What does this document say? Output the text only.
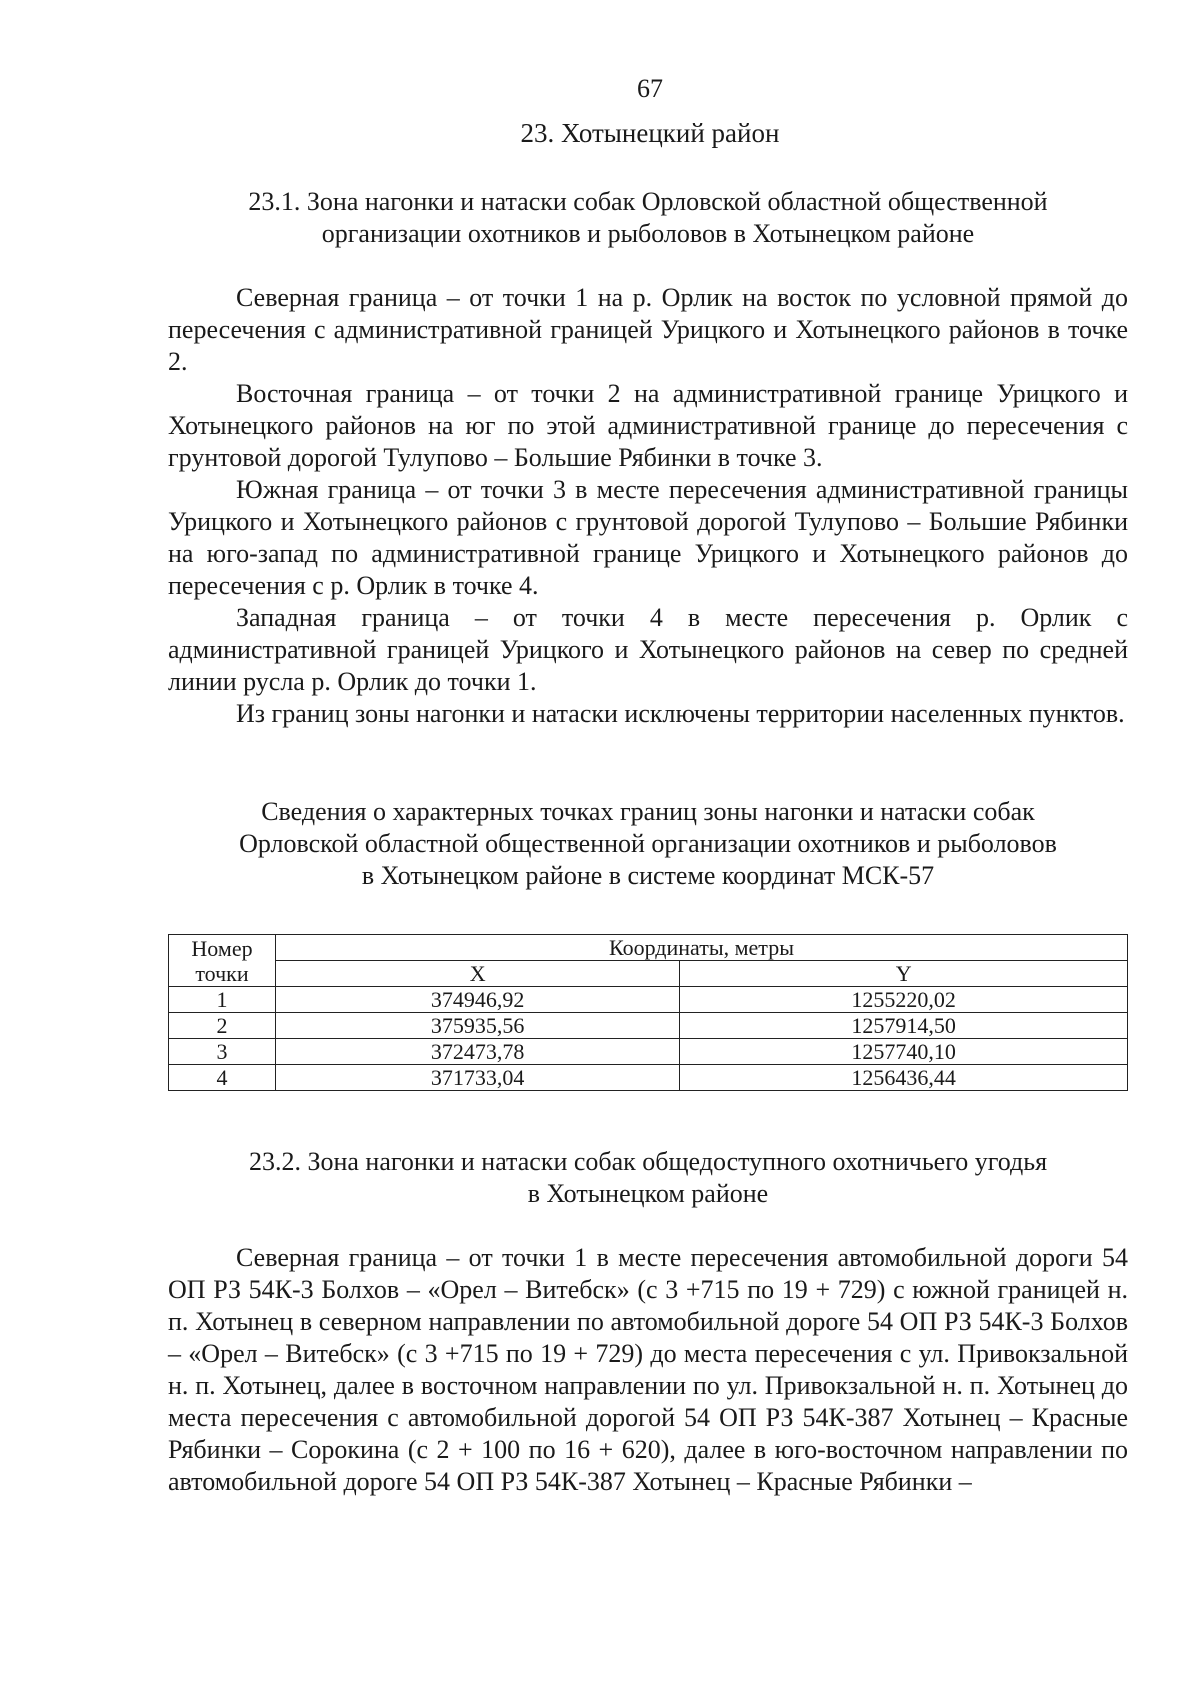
67
23. Хотынецкий район
23.1. Зона нагонки и натаски собак Орловской областной общественной
организации охотников и рыболовов в Хотынецком районе

Северная граница – от точки 1 на р. Орлик на восток по условной прямой до пересечения с административной границей Урицкого и Хотынецкого районов в точке 2.

Восточная граница – от точки 2 на административной границе Урицкого и Хотынецкого районов на юг по этой административной границе до пересечения с грунтовой дорогой Тулупово – Большие Рябинки в точке 3.

Южная граница – от точки 3 в месте пересечения административной границы Урицкого и Хотынецкого районов с грунтовой дорогой Тулупово – Большие Рябинки на юго-запад по административной границе Урицкого и Хотынецкого районов до пересечения с р. Орлик в точке 4.

Западная граница – от точки 4 в месте пересечения р. Орлик с административной границей Урицкого и Хотынецкого районов на север по средней линии русла р. Орлик до точки 1.

Из границ зоны нагонки и натаски исключены территории населенных пунктов.

Сведения о характерных точках границ зоны нагонки и натаски собак
Орловской областной общественной организации охотников и рыболовов
в Хотынецком районе в системе координат МСК-57
Номер
точки	Координаты, метры	
	X	Y
1	374946,92	1255220,02
2	375935,56	1257914,50
3	372473,78	1257740,10
4	371733,04	1256436,44
23.2. Зона нагонки и натаски собак общедоступного охотничьего угодья
в Хотынецком районе

Северная граница – от точки 1 в месте пересечения автомобильной дороги 54 ОП РЗ 54К-3 Болхов – «Орел – Витебск» (с 3 +715 по 19 + 729) с южной границей н. п. Хотынец в северном направлении по автомобильной дороге 54 ОП РЗ 54К-3 Болхов – «Орел – Витебск» (с 3 +715 по 19 + 729) до места пересечения с ул. Привокзальной н. п. Хотынец, далее в восточном направлении по ул. Привокзальной н. п. Хотынец до места пересечения с автомобильной дорогой 54 ОП РЗ 54К-387 Хотынец – Красные Рябинки – Сорокина (с 2 + 100 по 16 + 620), далее в юго-восточном направлении по автомобильной дороге 54 ОП РЗ 54К-387 Хотынец – Красные Рябинки –
